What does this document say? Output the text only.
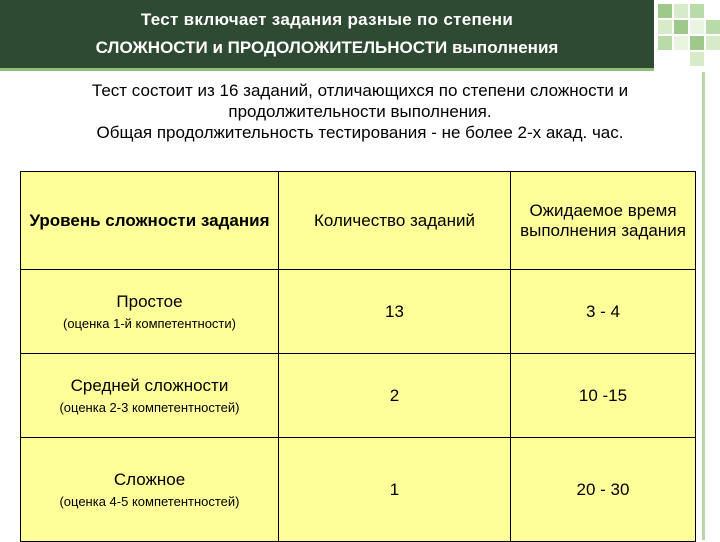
Тест включает задания разные по степени
СЛОЖНОСТИ и ПРОДОЛОЖИТЕЛЬНОСТИ выполнения
Тест состоит из 16 заданий, отличающихся по степени сложности и продолжительности выполнения.
Общая продолжительность тестирования - не более 2-х акад. час.
Уровень сложности задания	Количество заданий	Ожидаемое время выполнения задания

Простое
(оценка 1-й компетентности)	13	3 - 4

Средней сложности
(оценка 2-3 компетентностей)	2	10 -15

Сложное
(оценка 4-5 компетентностей)	1	20 - 30
